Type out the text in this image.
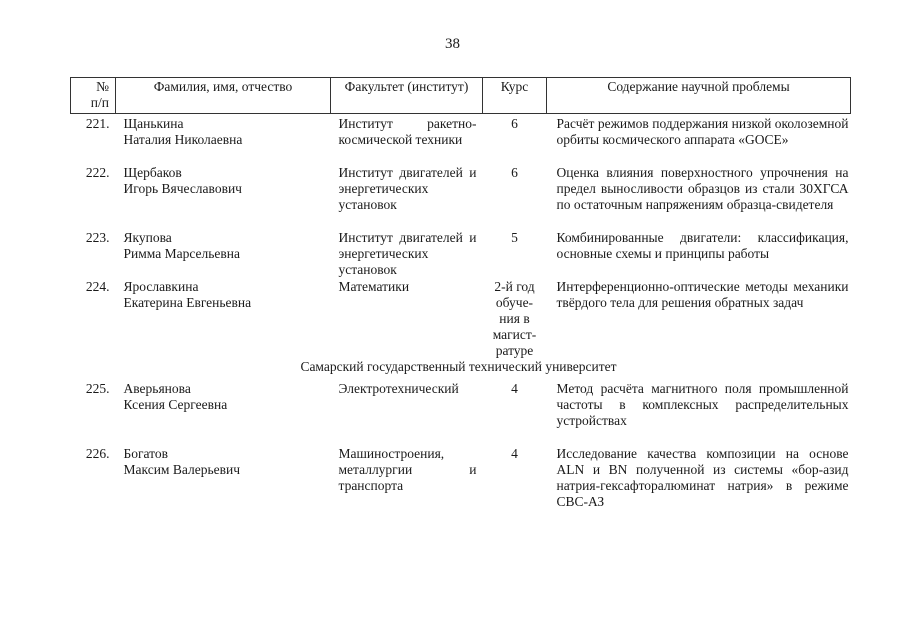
38
№
п/п	Фамилия, имя, отчество	Факультет (институт)	Курс	Содержание научной проблемы
221.	Щанькина
Наталия Николаевна	Институт ракетно-космической техники	6	Расчёт режимов поддержания низкой околоземной орбиты космического аппарата «GOCE»
222.	Щербаков
Игорь Вячеславович	Институт двигателей и энергетических установок	6	Оценка влияния поверхностного упрочнения на предел выносливости образцов из стали 30ХГСА по остаточным напряжениям образца-свидетеля
223.	Якупова
Римма Марсельевна	Институт двигателей и энергетических установок	5	Комбинированные двигатели: классификация, основные схемы и принципы работы
224.	Ярославкина
Екатерина Евгеньевна	Математики	2-й год
обуче-
ния в
магист-
ратуре	Интерференционно-оптические методы механики твёрдого тела для решения обратных задач
Самарский государственный технический университет				
225.	Аверьянова
Ксения Сергеевна	Электротехнический	4	Метод расчёта магнитного поля промышленной частоты в комплексных распределительных устройствах
226.	Богатов
Максим Валерьевич	Машиностроения, металлургии и транспорта	4	Исследование качества композиции на основе ALN и BN полученной из системы «бор-азид натрия-гексафторалюминат натрия» в режиме СВС-АЗ
